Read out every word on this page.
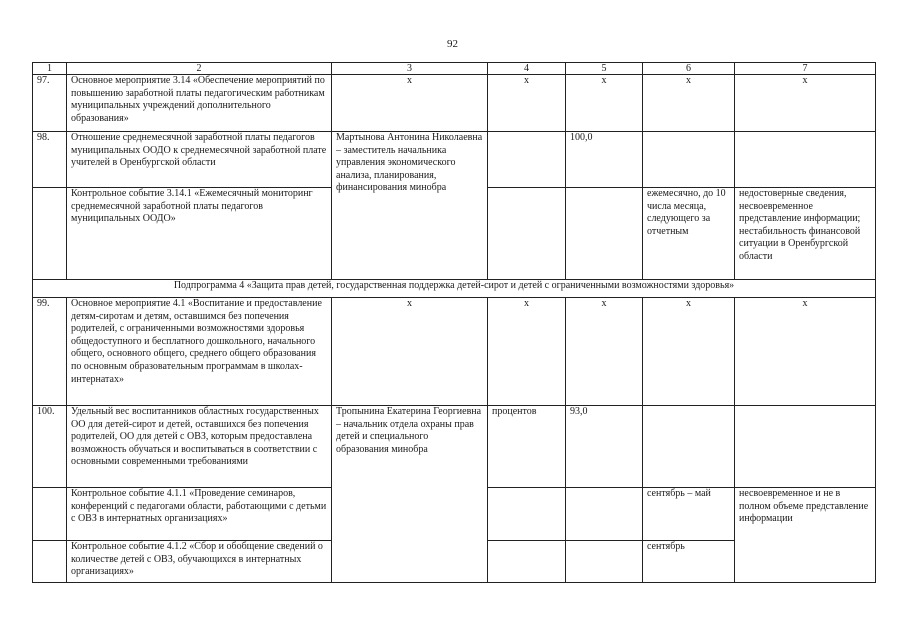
92
1	2	3	4	5	6	7
97.	Основное мероприятие 3.14 «Обеспечение мероприятий по повышению заработной платы педагогическим работникам муниципальных учреждений дополнительного образования»	х	х	х	х	х
98.	Отношение среднемесячной заработной платы педагогов муниципальных ООДО к среднемесячной заработной плате учителей в Оренбургской области	Мартынова Антонина Николаевна – заместитель начальника управления экономического анализа, планирования, финансирования минобра		100,0		
	Контрольное событие 3.14.1 «Ежемесячный мониторинг среднемесячной заработной платы педагогов муниципальных ООДО»				ежемесячно, до 10 числа месяца, следующего за отчетным	недостоверные сведения, несвоевременное представление информации; нестабильность финансовой ситуации в Оренбургской области
Подпрограмма 4 «Защита прав детей, государственная поддержка детей-сирот и детей с ограниченными возможностями здоровья»						
99.	Основное мероприятие 4.1 «Воспитание и предоставление детям-сиротам и детям, оставшимся без попечения родителей, с ограниченными возможностями здоровья общедоступного и бесплатного дошкольного, начального общего, основного общего, среднего общего образования по основным образовательным программам в школах-интернатах»	х	х	х	х	х
100.	Удельный вес воспитанников областных государственных ОО для детей-сирот и детей, оставшихся без попечения родителей, ОО для детей с ОВЗ, которым предоставлена возможность обучаться и воспитываться в соответствии с основными современными требованиями	Тропынина Екатерина Георгиевна – начальник отдела охраны прав детей и специального образования минобра	процентов	93,0		
	Контрольное событие 4.1.1 «Проведение семинаров, конференций с педагогами области, работающими с детьми с ОВЗ в интернатных организациях»				сентябрь – май	несвоевременное и не в полном объеме представление информации
	Контрольное событие 4.1.2 «Сбор и обобщение сведений о количестве детей с ОВЗ, обучающихся в интернатных организациях»				сентябрь	
